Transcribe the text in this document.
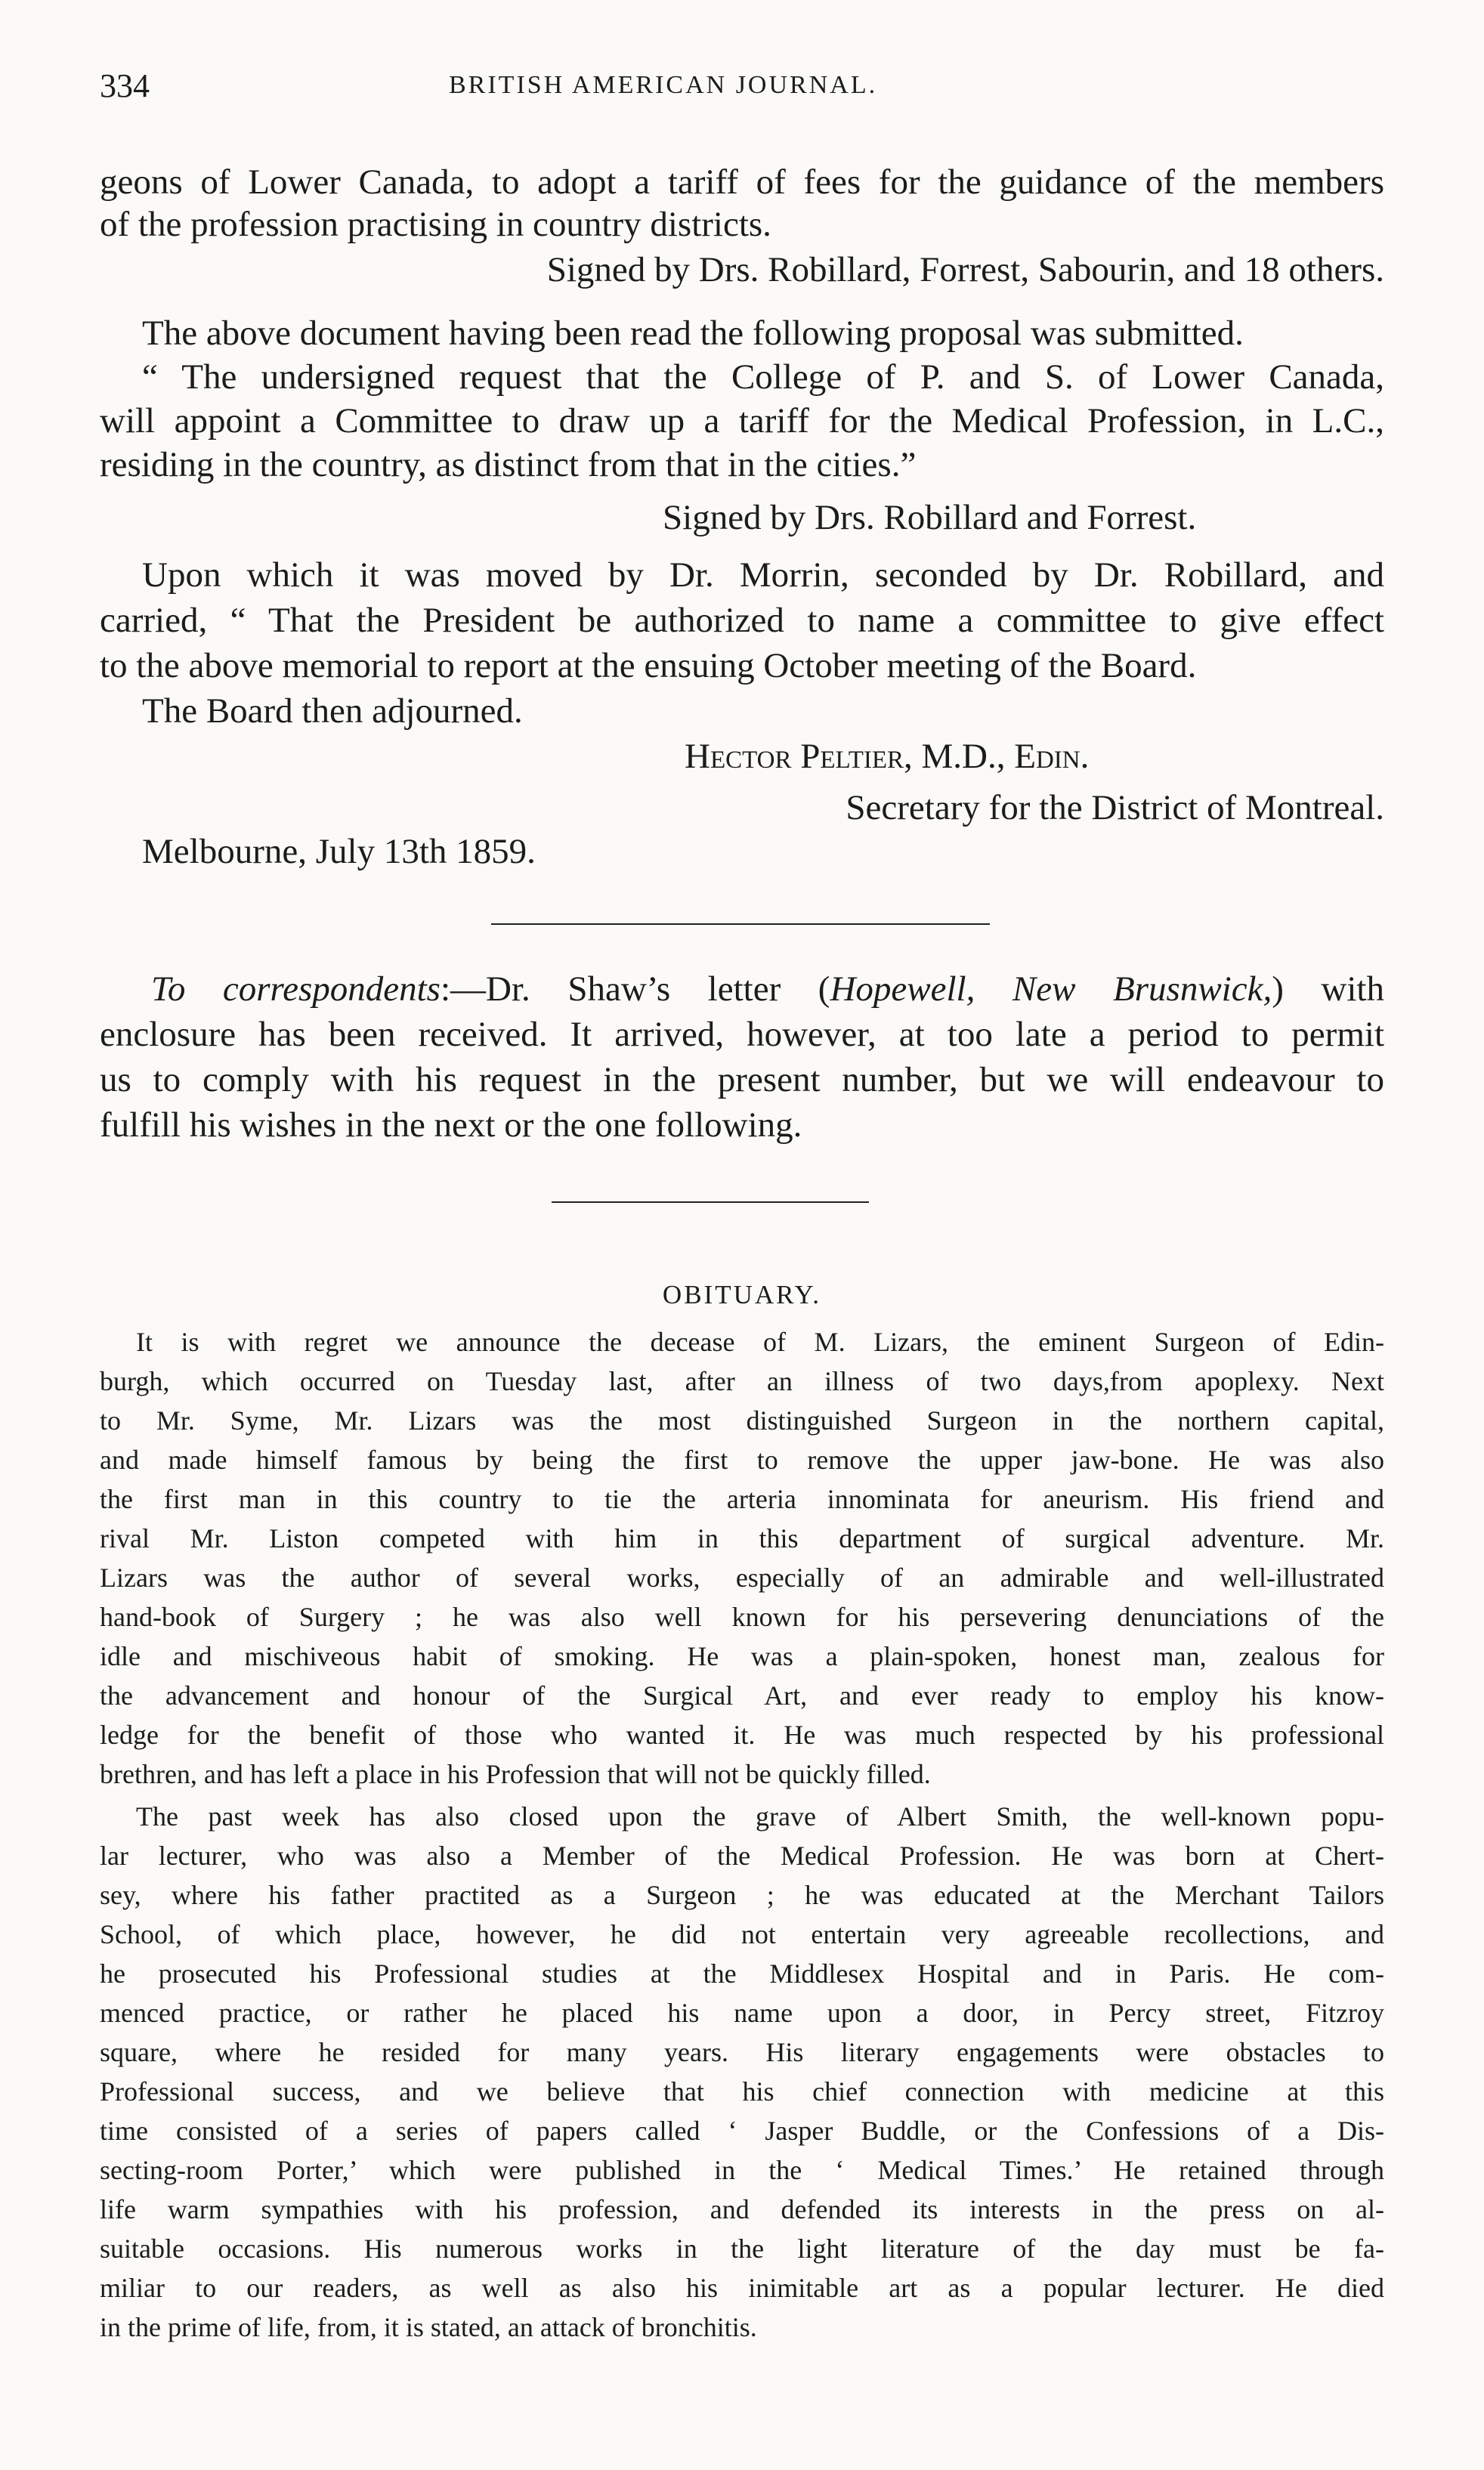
334	BRITISH AMERICAN JOURNAL.
geons of Lower Canada, to adopt a tariff of fees for the guidance of the members
of the profession practising in country districts.
Signed by Drs. Robillard, Forrest, Sabourin, and 18 others.
The above document having been read the following proposal was submitted.
“ The undersigned request that the College of P. and S. of Lower Canada,
will appoint a Committee to draw up a tariff for the Medical Profession, in L.C.,
residing in the country, as distinct from that in the cities.”
Signed by Drs. Robillard and Forrest.
Upon which it was moved by Dr. Morrin, seconded by Dr. Robillard, and
carried, “ That the President be authorized to name a committee to give effect
to the above memorial to report at the ensuing October meeting of the Board.
The Board then adjourned.
Hector Peltier, M.D., Edin.
Secretary for the District of Montreal.
Melbourne, July 13th 1859.
To correspondents:—Dr. Shaw’s letter (Hopewell, New Brusnwick,) with
enclosure has been received. It arrived, however, at too late a period to permit
us to comply with his request in the present number, but we will endeavour to
fulfill his wishes in the next or the one following.
OBITUARY.
It is with regret we announce the decease of M. Lizars, the eminent Surgeon of Edin-
burgh, which occurred on Tuesday last, after an illness of two days,from apoplexy. Next
to Mr. Syme, Mr. Lizars was the most distinguished Surgeon in the northern capital,
and made himself famous by being the first to remove the upper jaw-bone. He was also
the first man in this country to tie the arteria innominata for aneurism. His friend and
rival Mr. Liston competed with him in this department of surgical adventure. Mr.
Lizars was the author of several works, especially of an admirable and well-illustrated
hand-book of Surgery ; he was also well known for his persevering denunciations of the
idle and mischiveous habit of smoking. He was a plain-spoken, honest man, zealous for
the advancement and honour of the Surgical Art, and ever ready to employ his know-
ledge for the benefit of those who wanted it. He was much respected by his professional
brethren, and has left a place in his Profession that will not be quickly filled.
The past week has also closed upon the grave of Albert Smith, the well-known popu-
lar lecturer, who was also a Member of the Medical Profession. He was born at Chert-
sey, where his father practited as a Surgeon ; he was educated at the Merchant Tailors
School, of which place, however, he did not entertain very agreeable recollections, and
he prosecuted his Professional studies at the Middlesex Hospital and in Paris. He com-
menced practice, or rather he placed his name upon a door, in Percy street, Fitzroy
square, where he resided for many years. His literary engagements were obstacles to
Professional success, and we believe that his chief connection with medicine at this
time consisted of a series of papers called ‘ Jasper Buddle, or the Confessions of a Dis-
secting-room Porter,’ which were published in the ‘ Medical Times.’ He retained through
life warm sympathies with his profession, and defended its interests in the press on al-
suitable occasions. His numerous works in the light literature of the day must be fa-
miliar to our readers, as well as also his inimitable art as a popular lecturer. He died
in the prime of life, from, it is stated, an attack of bronchitis.
